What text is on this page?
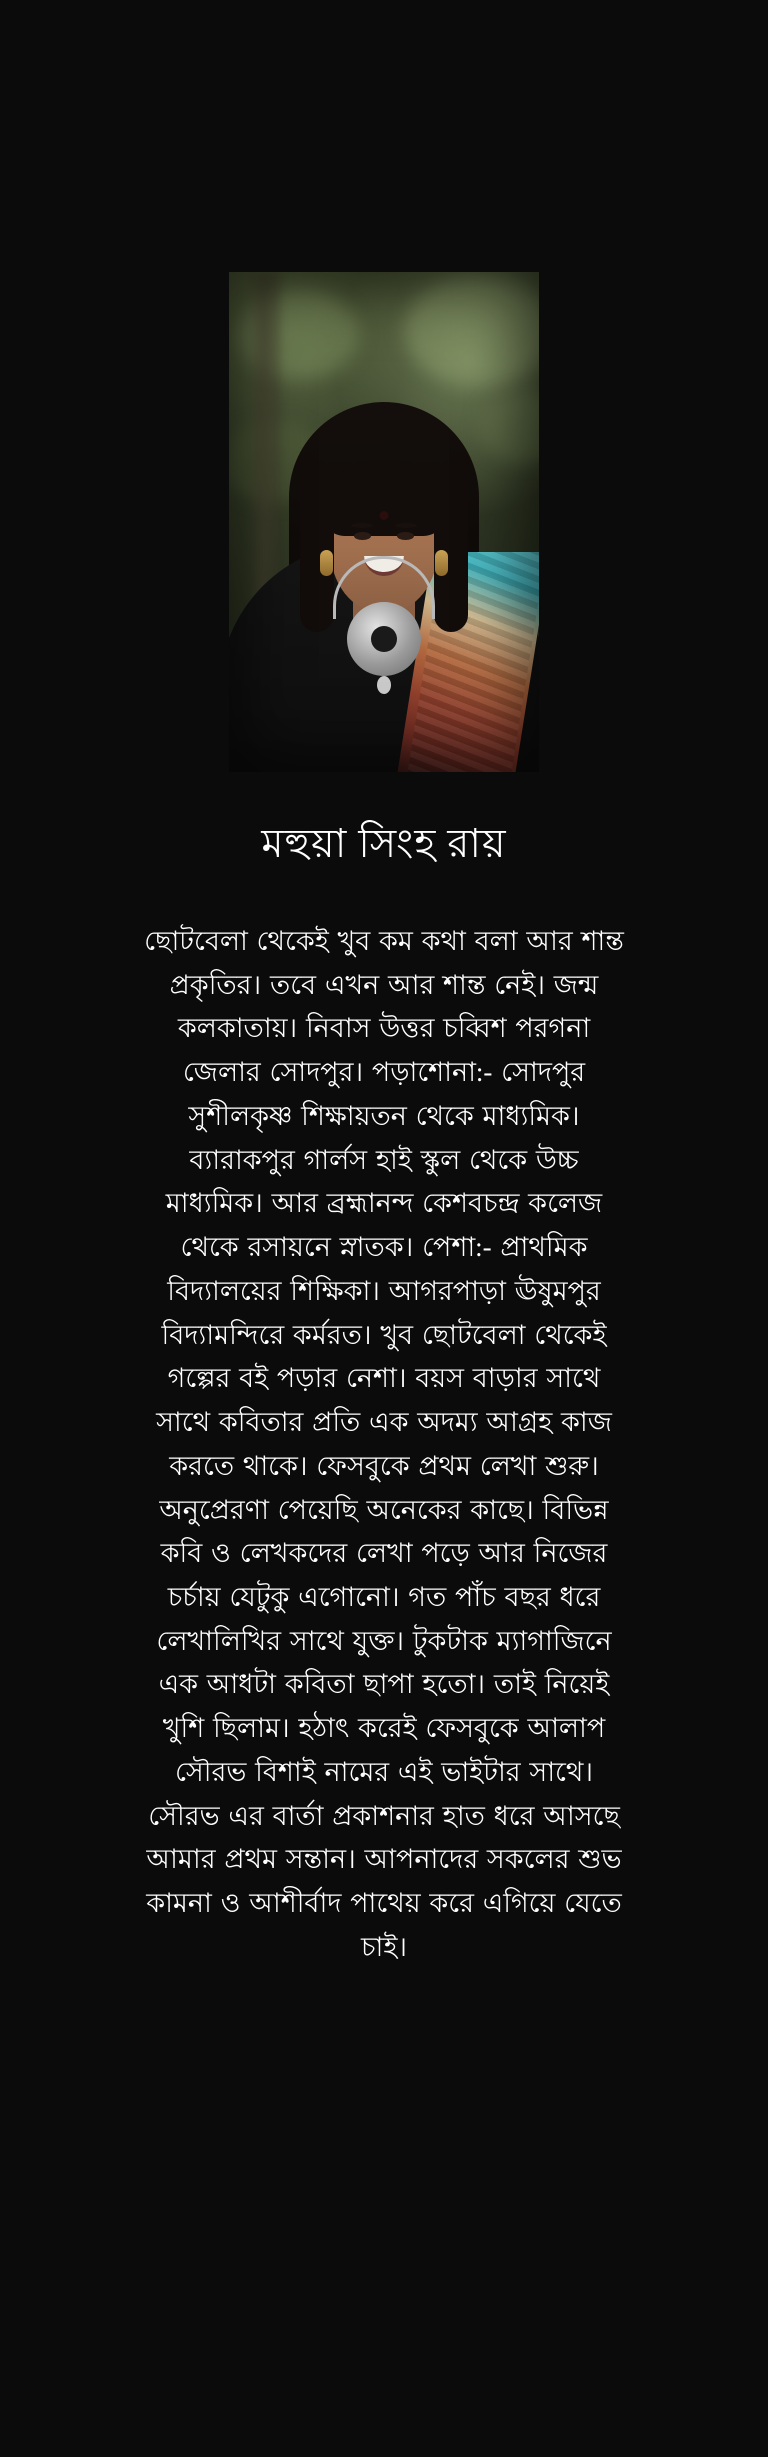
মহুয়া সিংহ রায়
ছোটবেলা থেকেই খুব কম কথা বলা আর শান্ত প্রকৃতির। তবে এখন আর শান্ত নেই। জন্ম কলকাতায়। নিবাস উত্তর চব্বিশ পরগনা জেলার সোদপুর। পড়াশোনা:- সোদপুর সুশীলকৃষ্ণ শিক্ষায়তন থেকে মাধ্যমিক। ব্যারাকপুর গার্লস হাই স্কুল থেকে উচ্চ মাধ্যমিক। আর ব্রহ্মানন্দ কেশবচন্দ্র কলেজ থেকে রসায়নে স্নাতক। পেশা:- প্রাথমিক বিদ্যালয়ের শিক্ষিকা। আগরপাড়া ঊষুমপুর বিদ্যামন্দিরে কর্মরত। খুব ছোটবেলা থেকেই গল্পের বই পড়ার নেশা। বয়স বাড়ার সাথে সাথে কবিতার প্রতি এক অদম্য আগ্রহ কাজ করতে থাকে। ফেসবুকে প্রথম লেখা শুরু। অনুপ্রেরণা পেয়েছি অনেকের কাছে। বিভিন্ন কবি ও লেখকদের লেখা পড়ে আর নিজের চর্চায় যেটুকু এগোনো। গত পাঁচ বছর ধরে লেখালিখির সাথে যুক্ত। টুকটাক ম্যাগাজিনে এক আধটা কবিতা ছাপা হতো। তাই নিয়েই খুশি ছিলাম। হঠাৎ করেই ফেসবুকে আলাপ সৌরভ বিশাই নামের এই ভাইটার সাথে। সৌরভ এর বার্তা প্রকাশনার হাত ধরে আসছে আমার প্রথম সন্তান। আপনাদের সকলের শুভ কামনা ও আশীর্বাদ পাথেয় করে এগিয়ে যেতে চাই।
